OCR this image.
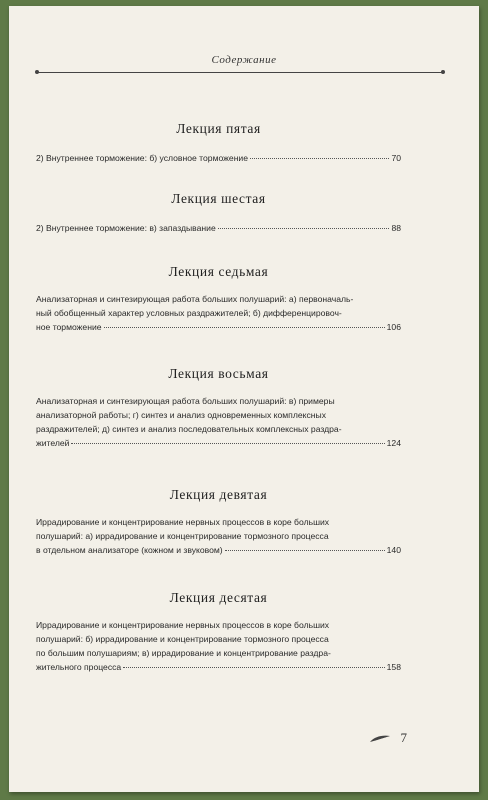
Содержание
Лекция пятая
2) Внутреннее торможение: б) условное торможение	70
Лекция шестая
2) Внутреннее торможение: в) запаздывание	88
Лекция седьмая
Анализаторная и синтезирующая работа больших полушарий: а) первоначаль-
ный обобщенный характер условных раздражителей; б) дифференцировоч-
ное торможение	106
Лекция восьмая
Анализаторная и синтезирующая работа больших полушарий: в) примеры
анализаторной работы; г) синтез и анализ одновременных комплексных
раздражителей; д) синтез и анализ последовательных комплексных раздра-
жителей	124
Лекция девятая
Иррадирование и концентрирование нервных процессов в коре больших
полушарий: а) иррадирование и концентрирование тормозного процесса
в отдельном анализаторе (кожном и звуковом)	140
Лекция десятая
Иррадирование и концентрирование нервных процессов в коре больших
полушарий: б) иррадирование и концентрирование тормозного процесса
по большим полушариям; в) иррадирование и концентрирование раздра-
жительного процесса	158
7
